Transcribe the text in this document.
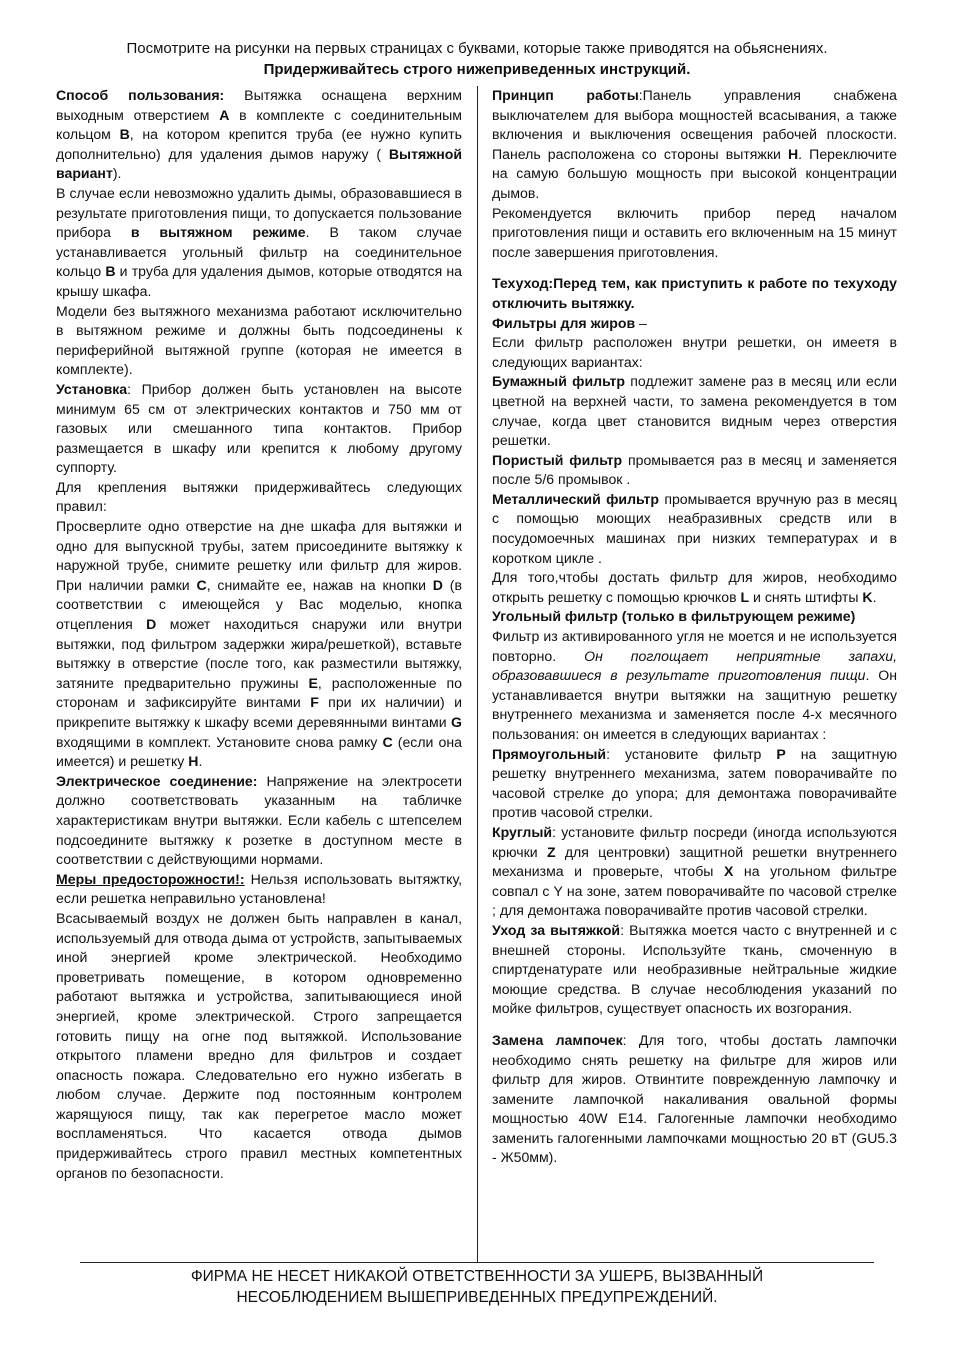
Посмотрите на рисунки на первых страницах с буквами, которые также приводятся на обьяснениях.
Придерживайтесь строго нижеприведенных инструкций.

Способ пользования: Вытяжка оснащена верхним выходным отверстием A в комплекте с соединительным кольцом B, на котором крепится труба (ее нужно купить дополнительно) для удаления дымов наружу ( Вытяжной вариант).

В случае если невозможно удалить дымы, образовавшиеся в результате приготовления пищи, то допускается пользование прибора в вытяжном режиме. В таком случае устанавливается угольный фильтр на соединительное кольцо B и труба для удаления дымов, которые отводятся на крышу шкафа.

Модели без вытяжного механизма работают исключительно в вытяжном режиме и должны быть подсоединены к периферийной вытяжной группе (которая не имеется в комплекте).

Установка: Прибор должен быть установлен на высоте минимум 65 cм от электрических контактов и 750 мм от газовых или смешанного типа контактов. Прибор размещается в шкафу или крепится к любому другому суппорту.

Для крепления вытяжки придерживайтесь следующих правил:

Просверлите одно отверстие на дне шкафа для вытяжки и одно для выпускной трубы, затем присоедините вытяжку к наружной трубе, снимите решетку или фильтр для жиров. При наличии рамки C, снимайте ее, нажав на кнопки D (в соответствии с имеющейся у Вас моделью, кнопка отцепления D может находиться снаружи или внутри вытяжки, под фильтром задержки жира/решеткой), вставьте вытяжку в отверстие (после того, как разместили вытяжку, затяните предварительно пружины E, расположенные по сторонам и зафиксируйте винтами F при их наличии) и прикрепите вытяжку к шкафу всеми деревянными винтами G входящими в комплект. Установите снова рамку C (если она имеется) и решетку H.

Электрическое соединение: Напряжение на электросети должно соответствовать указанным на табличке характеристикам внутри вытяжки. Если кабель с штепселем подсоедините вытяжку к розетке в доступном месте в соответствии с действующими нормами.

Меры предосторожности!: Нельзя использовать вытяжтку, если решетка неправильно установлена!

Всасываемый воздух не должен быть направлен в канал, используемый для отвода дыма от устройств, запытываемых иной энергией кроме электрической. Необходимо проветривать помещение, в котором одновременно работают вытяжка и устройства, запитывающиеся иной энергией, кроме электрической. Строго запрещается готовить пищу на огне под вытяжкой. Использование открытого пламени вредно для фильтров и создает опасность пожара. Следовательно его нужно избегать в любом случае. Держите под постоянным контролем жарящуюся пищу, так как перегретое масло может воспламеняться. Что касается отвода дымов придерживайтесь строго правил местных компетентных органов по безопасности.

Принцип работы:Панель управления снабжена выключателем для выбора мощностей всасывания, а также включения и выключения освещения рабочей плоскости. Панель расположена со стороны вытяжки H. Переключите на самую большую мощность при высокой концентрации дымов.

Рекомендуется включить прибор перед началом приготовления пищи и оставить его включенным на 15 минут после завершения приготовления.

Техуход:Перед тем, как приступить к работе по техуходу отключить вытяжку.

Фильтры для жиров –

Если фильтр расположен внутри решетки, он имеетя в следующих вариантах:

Бумажный фильтр подлежит замене раз в месяц или если цветной на верхней части, то замена рекомендуется в том случае, когда цвет становится видным через отверстия решетки.

Пористый фильтр промывается раз в месяц и заменяется после 5/6 промывок .

Металлический фильтр промывается вручную раз в месяц с помощью моющих неабразивных средств или в посудомоечных машинах при низких температурах и в коротком цикле .

Для того,чтобы достать фильтр для жиров, необходимо открыть решетку с помощью крючков L и снять штифты K.

Угольный фильтр (только в фильтрующем режиме)

Фильтр из активированного угля не моется и не используется повторно. Он поглощает неприятные запахи, образовавшиеся в результате приготовления пищи. Он устанавливается внутри вытяжки на защитную решетку внутреннего механизма и заменяется после 4-х месячного пользования: он имеется в следующих вариантах :

Прямоугольный: установите фильтр P на защитную решетку внутреннего механизма, затем поворачивайте по часовой стрелке до упора; для демонтажа поворачивайте против часовой стрелки.

Круглый: установите фильтр посреди (иногда используются крючки Z для центровки) защитной решетки внутреннего механизма и проверьте, чтобы X на угольном фильтре совпал с Y на зоне, затем поворачивайте по часовой стрелке ; для демонтажа поворачивайте против часовой стрелки.

Уход за вытяжкой: Вытяжка моется часто с внутренней и с внешней стороны. Используйте ткань, смоченную в спиртденатурате или необразивные нейтральные жидкие моющие средства. В случае несоблюдения указаний по мойке фильтров, существует опасность их возгорания.

Замена лампочек: Для того, чтобы достать лампочки необходимо снять решетку на фильтре для жиров или фильтр для жиров. Отвинтите поврежденную лампочку и замените лампочкой накаливания овальной формы мощностью 40W E14. Галогенные лампочки необходимо заменить галогенными лампочками мощностью 20 вТ (GU5.3 - Ж50мм).

ФИРМА НЕ НЕСЕТ НИКАКОЙ ОТВЕТСТВЕННОСТИ ЗА УШЕРБ, ВЫЗВАННЫЙ
НЕСОБЛЮДЕНИЕМ ВЫШЕПРИВЕДЕННЫХ ПРЕДУПРЕЖДЕНИЙ.
